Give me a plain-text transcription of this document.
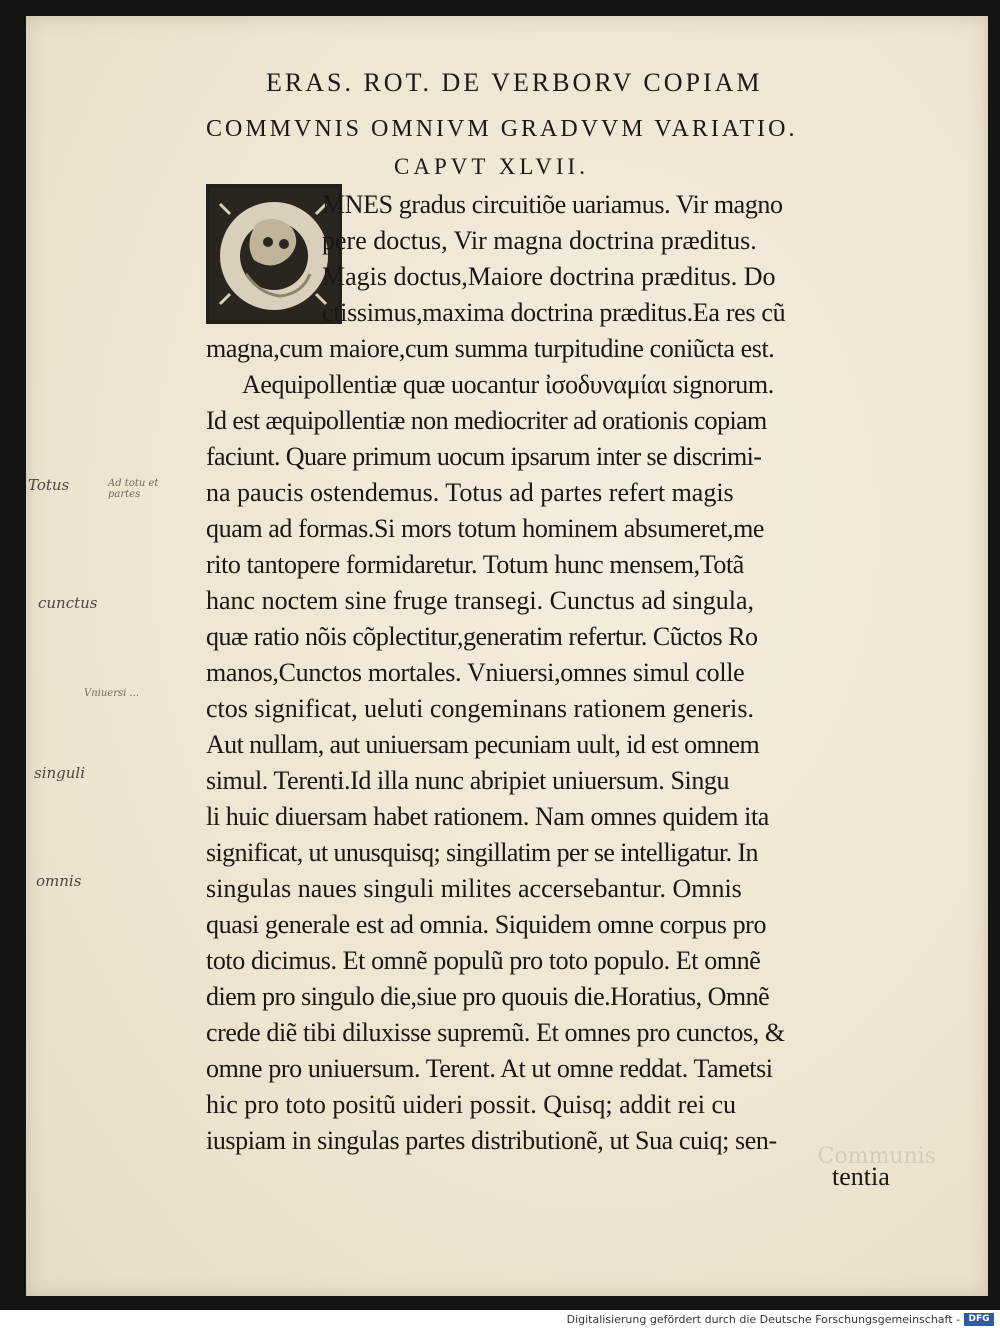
Totus	Ad totu et partes
cunctus
singuli
Vniuersi ...
omnis
Communis
ERAS. ROT. DE VERBORV COPIAM
COMMVNIS OMNIVM GRADVVM VARIATIO.
CAPVT XLVII.
MNES gradus circuitiõe uariamus. Vir magno
pere doctus, Vir magna doctrina præditus.
Magis doctus,Maiore doctrina præditus. Do
ctissimus,maxima doctrina præditus.Ea res cũ
magna,cum maiore,cum summa turpitudine coniũcta est.
Aequipollentiæ quæ uocantur ἰσοδυναμίαι signorum.
Id est æquipollentiæ non mediocriter ad orationis copiam
faciunt. Quare primum uocum ipsarum inter se discrimi-
na paucis ostendemus. Totus ad partes refert magis
quam ad formas.Si mors totum hominem absumeret,me
rito tantopere formidaretur. Totum hunc mensem,Totã
hanc noctem sine fruge transegi. Cunctus ad singula,
quæ ratio nõis cõplectitur,generatim refertur. Cũctos Ro
manos,Cunctos mortales. Vniuersi,omnes simul colle
ctos significat, ueluti congeminans rationem generis.
Aut nullam, aut uniuersam pecuniam uult, id est omnem
simul. Terenti.Id illa nunc abripiet uniuersum. Singu
li huic diuersam habet rationem. Nam omnes quidem ita
significat, ut unusquisq; singillatim per se intelligatur. In
singulas naues singuli milites accersebantur. Omnis
quasi generale est ad omnia. Siquidem omne corpus pro
toto dicimus. Et omnẽ populũ pro toto populo. Et omnẽ
diem pro singulo die,siue pro quouis die.Horatius, Omnẽ
crede diẽ tibi diluxisse supremũ. Et omnes pro cunctos, &
omne pro uniuersum. Terent. At ut omne reddat. Tametsi
hic pro toto positũ uideri possit. Quisq; addit rei cu
iuspiam in singulas partes distributionẽ, ut Sua cuiq; sen-
tentia
Digitalisierung gefördert durch die Deutsche Forschungsgemeinschaft - DFG
